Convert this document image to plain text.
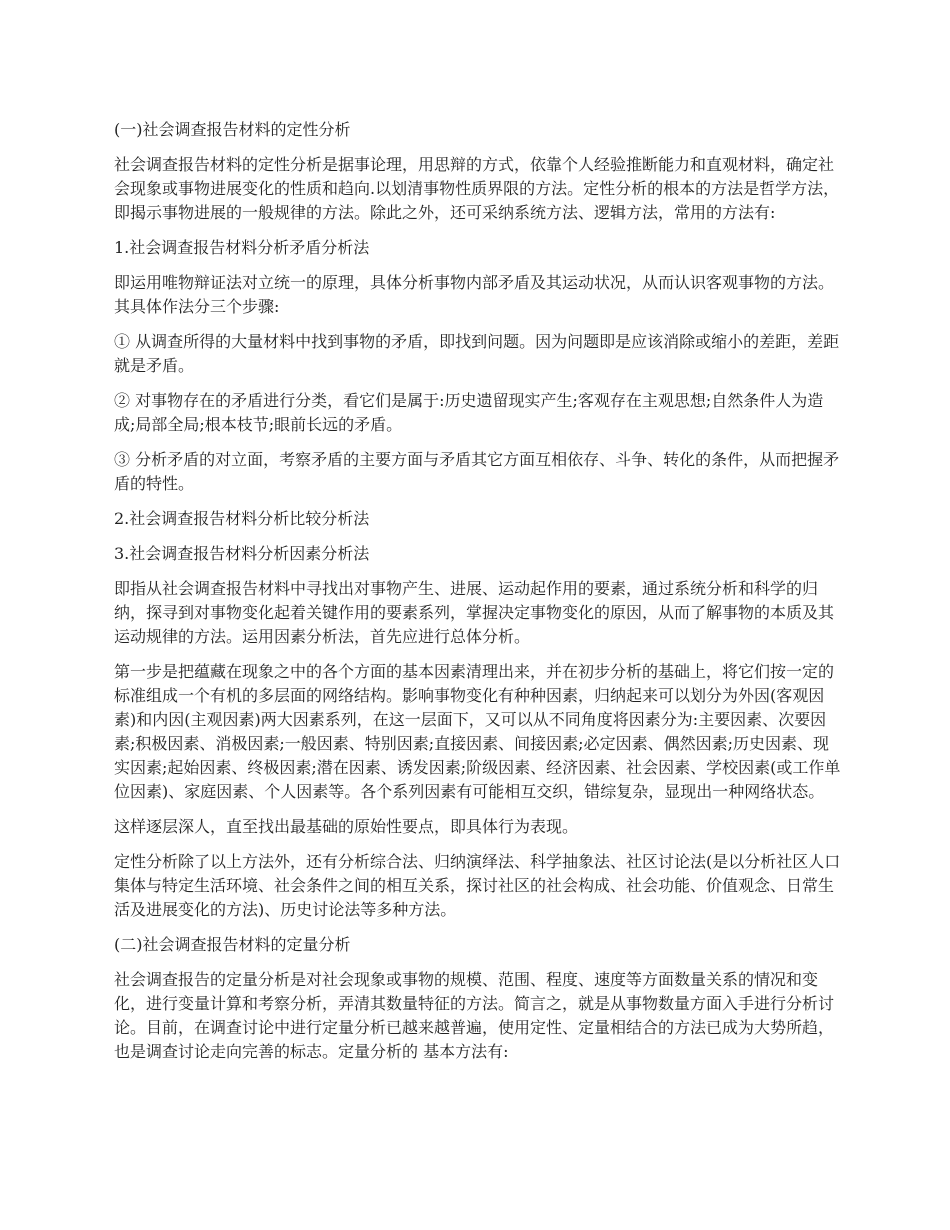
(一)社会调查报告材料的定性分析

社会调查报告材料的定性分析是据事论理，用思辩的方式，依靠个人经验推断能力和直观材料，确定社会现象或事物进展变化的性质和趋向.以划清事物性质界限的方法。定性分析的根本的方法是哲学方法，即揭示事物进展的一般规律的方法。除此之外，还可采纳系统方法、逻辑方法，常用的方法有:

1.社会调查报告材料分析矛盾分析法

即运用唯物辩证法对立统一的原理，具体分析事物内部矛盾及其运动状况，从而认识客观事物的方法。其具体作法分三个步骤:

① 从调查所得的大量材料中找到事物的矛盾，即找到问题。因为问题即是应该消除或缩小的差距，差距就是矛盾。

② 对事物存在的矛盾进行分类，看它们是属于:历史遗留现实产生;客观存在主观思想;自然条件人为造成;局部全局;根本枝节;眼前长远的矛盾。

③ 分析矛盾的对立面，考察矛盾的主要方面与矛盾其它方面互相依存、斗争、转化的条件，从而把握矛盾的特性。

2.社会调查报告材料分析比较分析法

3.社会调查报告材料分析因素分析法

即指从社会调查报告材料中寻找出对事物产生、进展、运动起作用的要素，通过系统分析和科学的归纳，探寻到对事物变化起着关键作用的要素系列，掌握决定事物变化的原因，从而了解事物的本质及其运动规律的方法。运用因素分析法，首先应进行总体分析。

第一步是把蕴藏在现象之中的各个方面的基本因素清理出来，并在初步分析的基础上，将它们按一定的标准组成一个有机的多层面的网络结构。影响事物变化有种种因素，归纳起来可以划分为外因(客观因素)和内因(主观因素)两大因素系列，在这一层面下，又可以从不同角度将因素分为:主要因素、次要因素;积极因素、消极因素;一般因素、特别因素;直接因素、间接因素;必定因素、偶然因素;历史因素、现实因素;起始因素、终极因素;潜在因素、诱发因素;阶级因素、经济因素、社会因素、学校因素(或工作单位因素)、家庭因素、个人因素等。各个系列因素有可能相互交织，错综复杂，显现出一种网络状态。

这样逐层深人，直至找出最基础的原始性要点，即具体行为表现。

定性分析除了以上方法外，还有分析综合法、归纳演绎法、科学抽象法、社区讨论法(是以分析社区人口集体与特定生活环境、社会条件之间的相互关系，探讨社区的社会构成、社会功能、价值观念、日常生活及进展变化的方法)、历史讨论法等多种方法。

(二)社会调查报告材料的定量分析

社会调查报告的定量分析是对社会现象或事物的规模、范围、程度、速度等方面数量关系的情况和变化，进行变量计算和考察分析，弄清其数量特征的方法。简言之，就是从事物数量方面入手进行分析讨论。目前，在调查讨论中进行定量分析已越来越普遍，使用定性、定量相结合的方法已成为大势所趋，也是调查讨论走向完善的标志。定量分析的 基本方法有:
